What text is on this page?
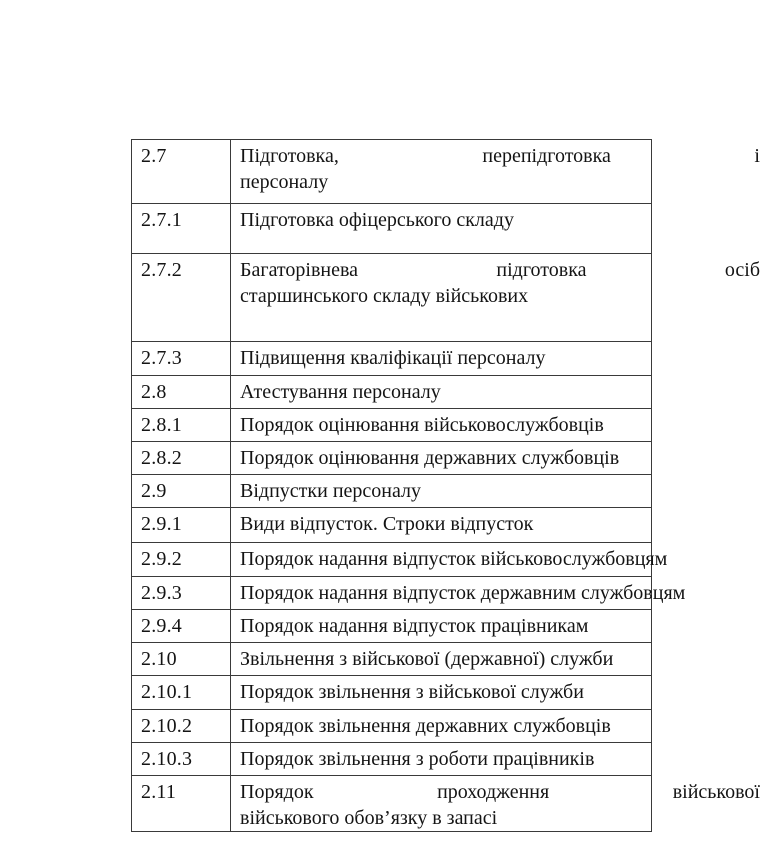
2.7	Підготовка, перепідготовка і
персоналу

2.7.1	Підготовка офіцерського складу

2.7.2	Багаторівнева підготовка осіб
старшинського складу військових

2.7.3	Підвищення кваліфікації персоналу

2.8	Атестування персоналу

2.8.1	Порядок оцінювання військовослужбовців

2.8.2	Порядок оцінювання державних службовців

2.9	Відпустки персоналу

2.9.1	Види відпусток. Строки відпусток

2.9.2	Порядок надання відпусток військовослужбовцям

2.9.3	Порядок надання відпусток державним службовцям

2.9.4	Порядок надання відпусток працівникам

2.10	Звільнення з військової (державної) служби

2.10.1	Порядок звільнення з військової служби

2.10.2	Порядок звільнення державних службовців

2.10.3	Порядок звільнення з роботи працівників

2.11	Порядок проходження військової
військового обов’язку в запасі
